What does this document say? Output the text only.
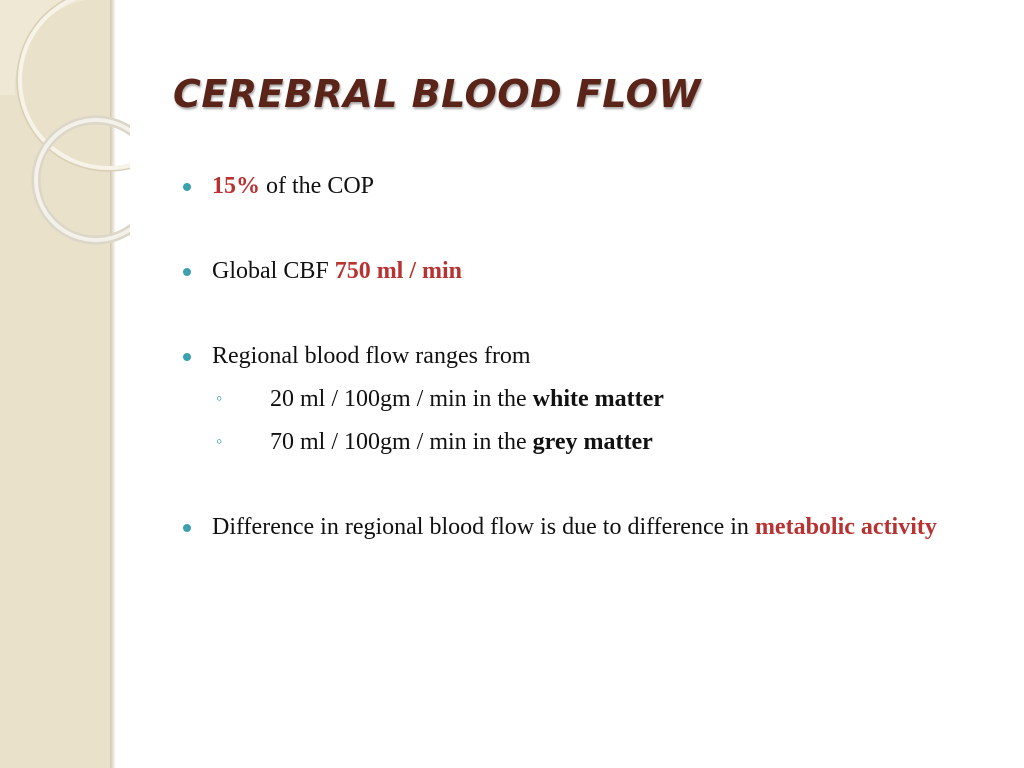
CEREBRAL BLOOD FLOW
15% of the COP
Global CBF 750 ml / min
Regional blood flow ranges from
◦ 20 ml / 100gm / min in the white matter
◦ 70 ml / 100gm / min in the grey matter
Difference in regional blood flow is due to difference in metabolic activity
